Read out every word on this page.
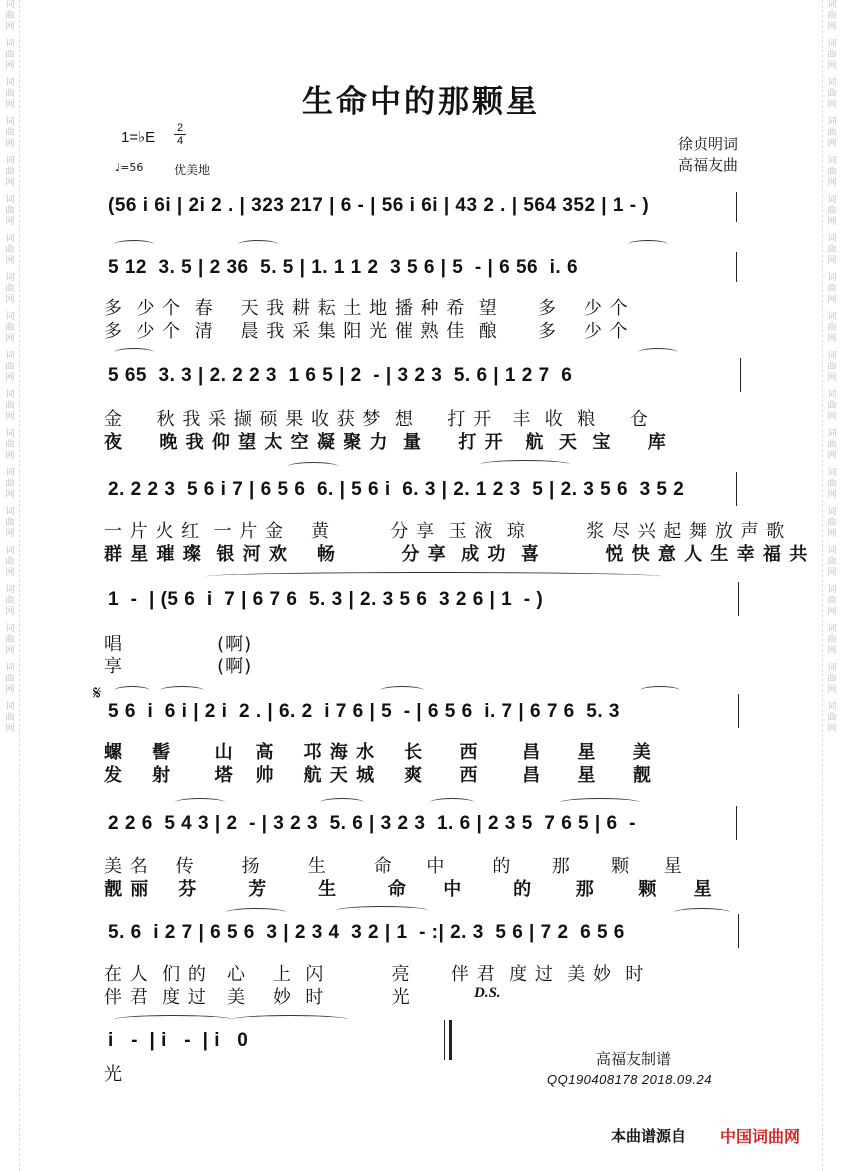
词
曲
网
词
曲
网
词
曲
网
词
曲
网
词
曲
网
词
曲
网
词
曲
网
词
曲
网
词
曲
网
词
曲
网
词
曲
网
词
曲
网
词
曲
网
词
曲
网
词
曲
网
词
曲
网
词
曲
网
词
曲
网
词
曲
网
词
曲
网
词
曲
网
词
曲
网
词
曲
网
词
曲
网
词
曲
网
词
曲
网
词
曲
网
词
曲
网
词
曲
网
词
曲
网
词
曲
网
词
曲
网
词
曲
网
词
曲
网
词
曲
网
词
曲
网
词
曲
网
词
曲
网
生命中的那颗星
1=♭E $\frac{2}{4}$
♩=56	优美地
徐贞明词
高福友曲
(56 i 6i | 2i 2 . | 323 217 | 6 - | 56 i 6i | 43 2 . | 564 352 | 1 - )
5 12  3. 5 | 2 36  5. 5 | 1. 1 1 2  3 5 6 | 5  - | 6 56  i. 6
多  少 个  春    天 我 耕 耘 土 地 播 种 希  望      多    少 个
多  少 个  清    晨 我 采 集 阳 光 催 熟 佳  酿      多    少 个
5 65  3. 3 | 2. 2 2 3  1 6 5 | 2  - | 3 2 3  5. 6 | 1 2 7  6
金     秋 我 采 撷 硕 果 收 获 梦  想     打 开   丰  收  粮     仓
夜     晚 我 仰 望 太 空 凝 聚 力  量     打 开   航  天  宝     库
2. 2 2 3  5 6 i 7 | 6 5 6  6. | 5 6 i  6. 3 | 2. 1 2 3  5 | 2. 3 5 6  3 5 2
一 片 火 红  一 片 金    黄         分 享  玉 液  琼         浆 尽 兴 起 舞 放 声 歌
群 星 璀 璨  银 河 欢    畅         分 享  成 功  喜         悦 快 意 人 生 幸 福 共
1  -  | (5 6  i  7 | 6 7 6  5. 3 | 2. 3 5 6  3 2 6 | 1  - )
唱              (啊)
享              (啊)
𝄋
5 6  i  6 i | 2 i  2 . | 6. 2  i 7 6 | 5  - | 6 5 6  i. 7 | 6 7 6  5. 3
螺    髻      山   高    邛 海 水    长     西      昌     星     美
发    射      塔   帅    航 天 城    爽     西      昌     星     靓
2 2 6  5 4 3 | 2  - | 3 2 3  5. 6 | 3 2 3  1. 6 | 2 3 5  7 6 5 | 6  -
美 名    传       扬       生       命     中       的      那      颗     星
靓 丽    芬       芳       生       命     中       的      那      颗     星
5. 6  i 2 7 | 6 5 6  3 | 2 3 4  3 2 | 1  - :| 2. 3  5 6 | 7 2  6 5 6
在 人  们 的   心    上  闪          亮      伴 君  度 过  美 妙  时
伴 君  度 过   美    妙  时          光	D.S.
i   -  | i   -  | i   0
光
高福友制谱
QQ190408178 2018.09.24
本曲谱源自 中国词曲网
